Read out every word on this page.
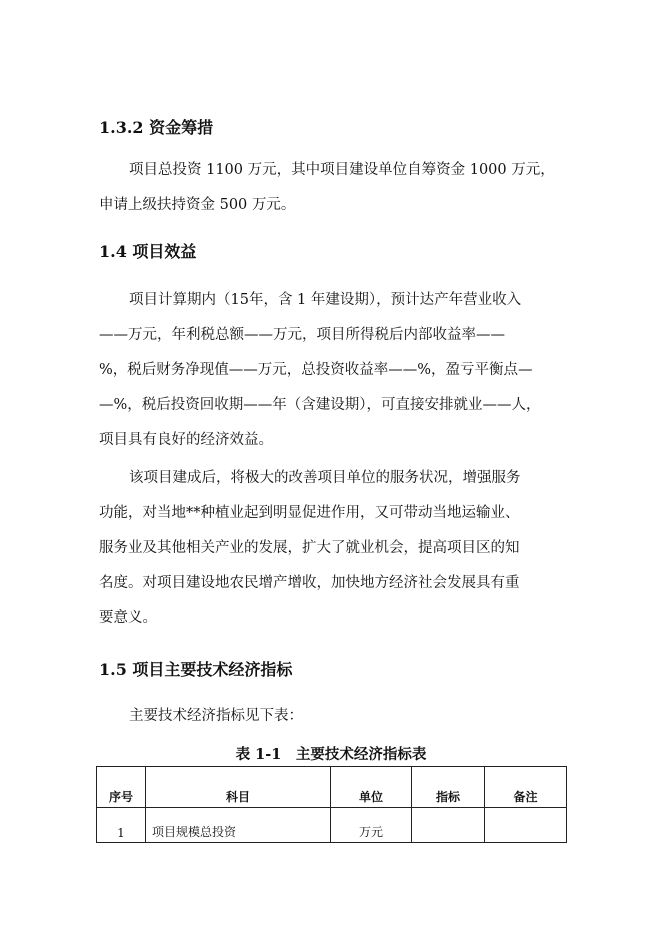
1.3.2 资金筹措
项目总投资 1100 万元，其中项目建设单位自筹资金 1000 万元，
申请上级扶持资金 500 万元。
1.4 项目效益
项目计算期内（15年，含 1 年建设期），预计达产年营业收入
——万元，年利税总额——万元，项目所得税后内部收益率——
%，税后财务净现值——万元，总投资收益率——%，盈亏平衡点—
—%，税后投资回收期——年（含建设期），可直接安排就业——人，
项目具有良好的经济效益。
该项目建成后，将极大的改善项目单位的服务状况，增强服务
功能，对当地**种植业起到明显促进作用，又可带动当地运输业、
服务业及其他相关产业的发展，扩大了就业机会，提高项目区的知
名度。对项目建设地农民增产增收，加快地方经济社会发展具有重
要意义。
1.5 项目主要技术经济指标
主要技术经济指标见下表：

表 1-1　主要技术经济指标表

序号	科目	单位	指标	备注
1	项目规模总投资	万元		
